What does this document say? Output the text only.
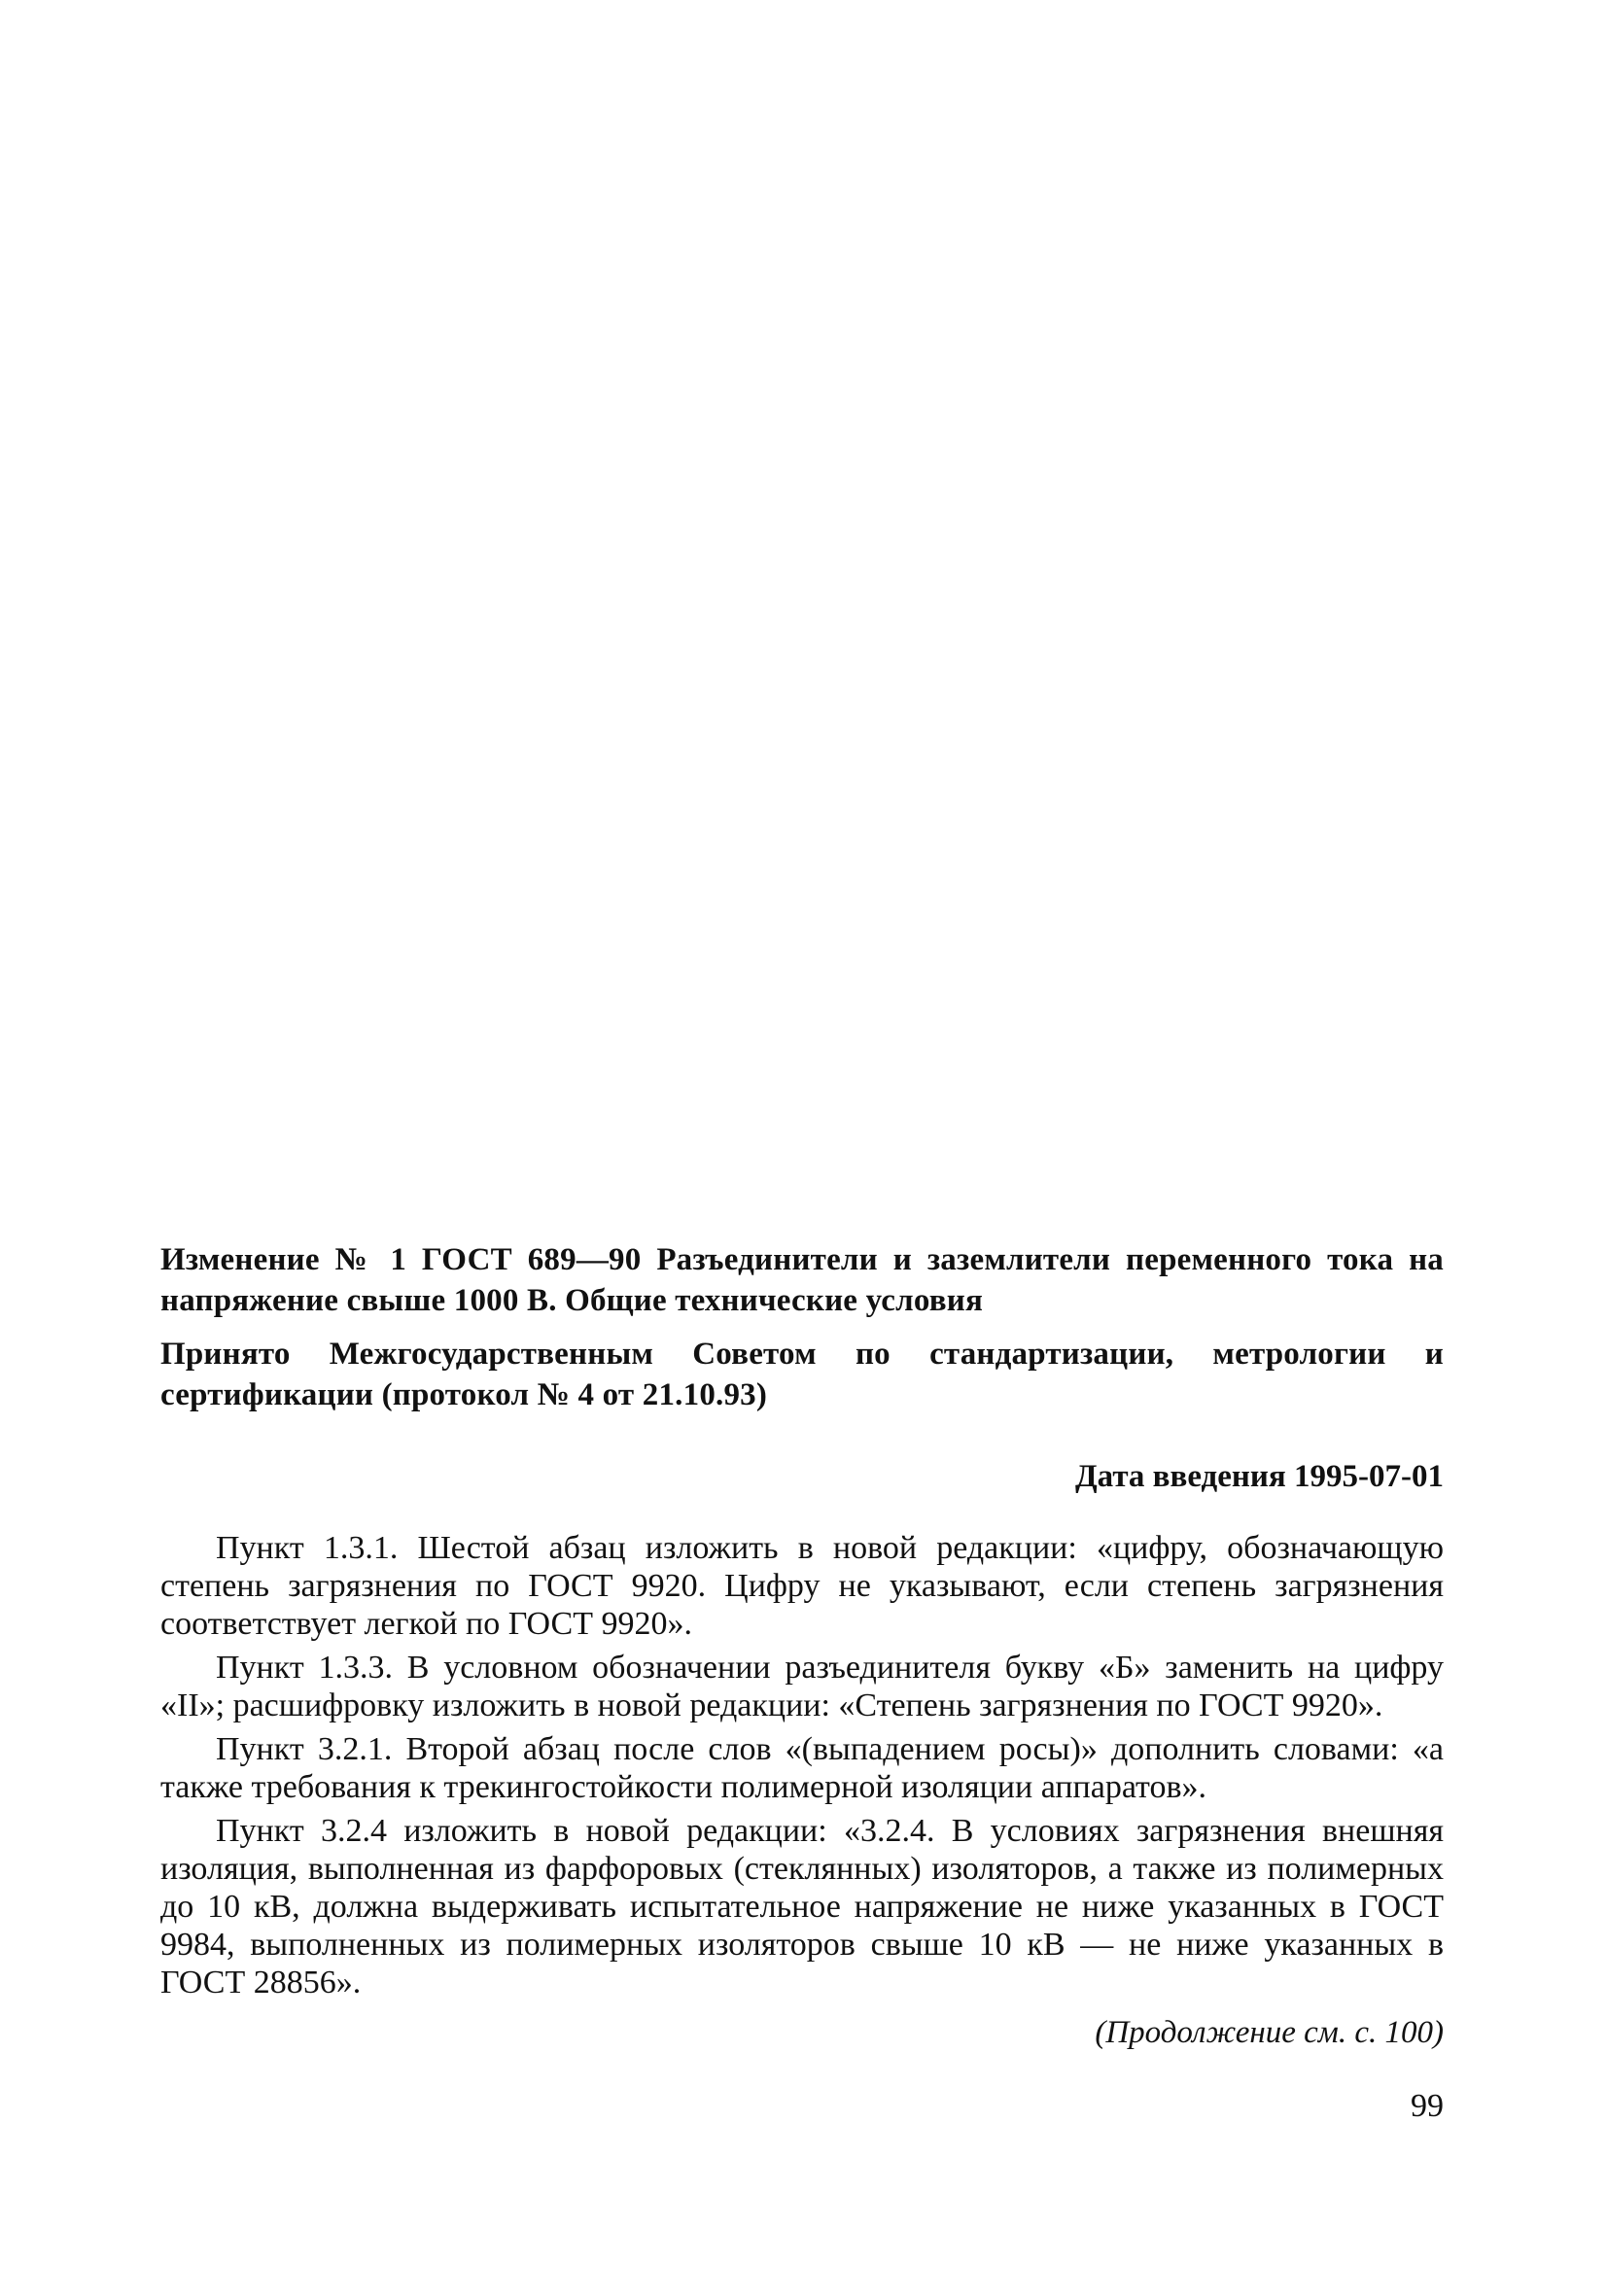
Изменение № 1 ГОСТ 689—90 Разъединители и заземлители переменного тока на напряжение свыше 1000 В. Общие технические условия

Принято Межгосударственным Советом по стандартизации, метрологии и сертификации (протокол № 4 от 21.10.93)

Дата введения 1995-07-01

Пункт 1.3.1. Шестой абзац изложить в новой редакции: «цифру, обозначающую степень загрязнения по ГОСТ 9920. Цифру не указывают, если степень загрязнения соответствует легкой по ГОСТ 9920».

Пункт 1.3.3. В условном обозначении разъединителя букву «Б» заменить на цифру «II»; расшифровку изложить в новой редакции: «Степень загрязнения по ГОСТ 9920».

Пункт 3.2.1. Второй абзац после слов «(выпадением росы)» дополнить словами: «а также требования к трекингостойкости полимерной изоляции аппаратов».

Пункт 3.2.4 изложить в новой редакции: «3.2.4. В условиях загрязнения внешняя изоляция, выполненная из фарфоровых (стеклянных) изоляторов, а также из полимерных до 10 кВ, должна выдерживать испытательное напряжение не ниже указанных в ГОСТ 9984, выполненных из полимерных изоляторов свыше 10 кВ — не ниже указанных в ГОСТ 28856».

(Продолжение см. с. 100)

99
